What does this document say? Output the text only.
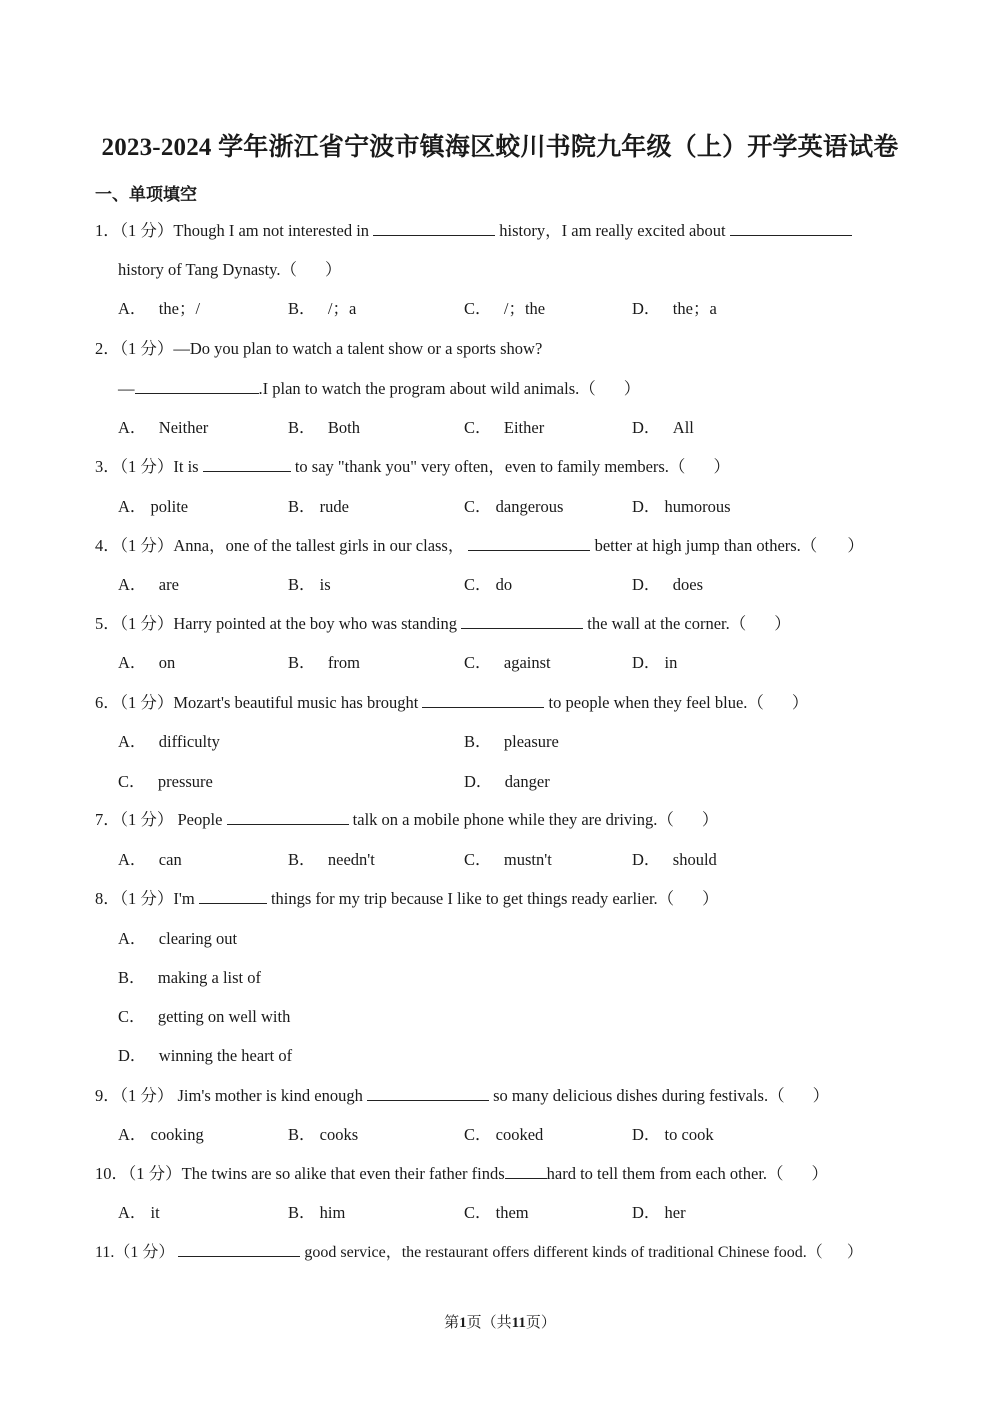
2023-2024 学年浙江省宁波市镇海区蛟川书院九年级（上）开学英语试卷
一、单项填空
1．（1 分）Though I am not interested in	history，I am really excited about
history of Tang Dynasty.（ ）
A． the；/	B． /；a	C． /；the	D． the；a
2．（1 分）—Do you plan to watch a talent show or a sports show?
—	.I plan to watch the program about wild animals.（ ）
A． Neither	B． Both	C． Either	D． All
3．（1 分）It is	to say "thank you" very often，even to family members.（ ）
A． polite	B． rude	C． dangerous	D． humorous
4．（1 分）Anna，one of the tallest girls in our class，	better at high jump than others.（ ）
A． are	B． is	C． do	D． does
5．（1 分）Harry pointed at the boy who was standing	the wall at the corner.（ ）
A． on	B． from	C． against	D． in
6．（1 分）Mozart's beautiful music has brought	to people when they feel blue.（ ）
A． difficulty	B． pleasure
C． pressure	D． danger
7．（1 分） People	talk on a mobile phone while they are driving.（ ）
A． can	B． needn't	C． mustn't	D． should
8．（1 分）I'm	things for my trip because I like to get things ready earlier.（ ）
A． clearing out
B． making a list of
C． getting on well with
D． winning the heart of
9．（1 分） Jim's mother is kind enough	so many delicious dishes during festivals.（ ）
A． cooking	B． cooks	C． cooked	D． to cook
10．（1 分）The twins are so alike that even their father finds	hard to tell them from each other.（ ）
A． it	B． him	C． them	D． her
11.（1 分）	good service，the restaurant offers different kinds of traditional Chinese food.（ ）
第1页（共11页）
